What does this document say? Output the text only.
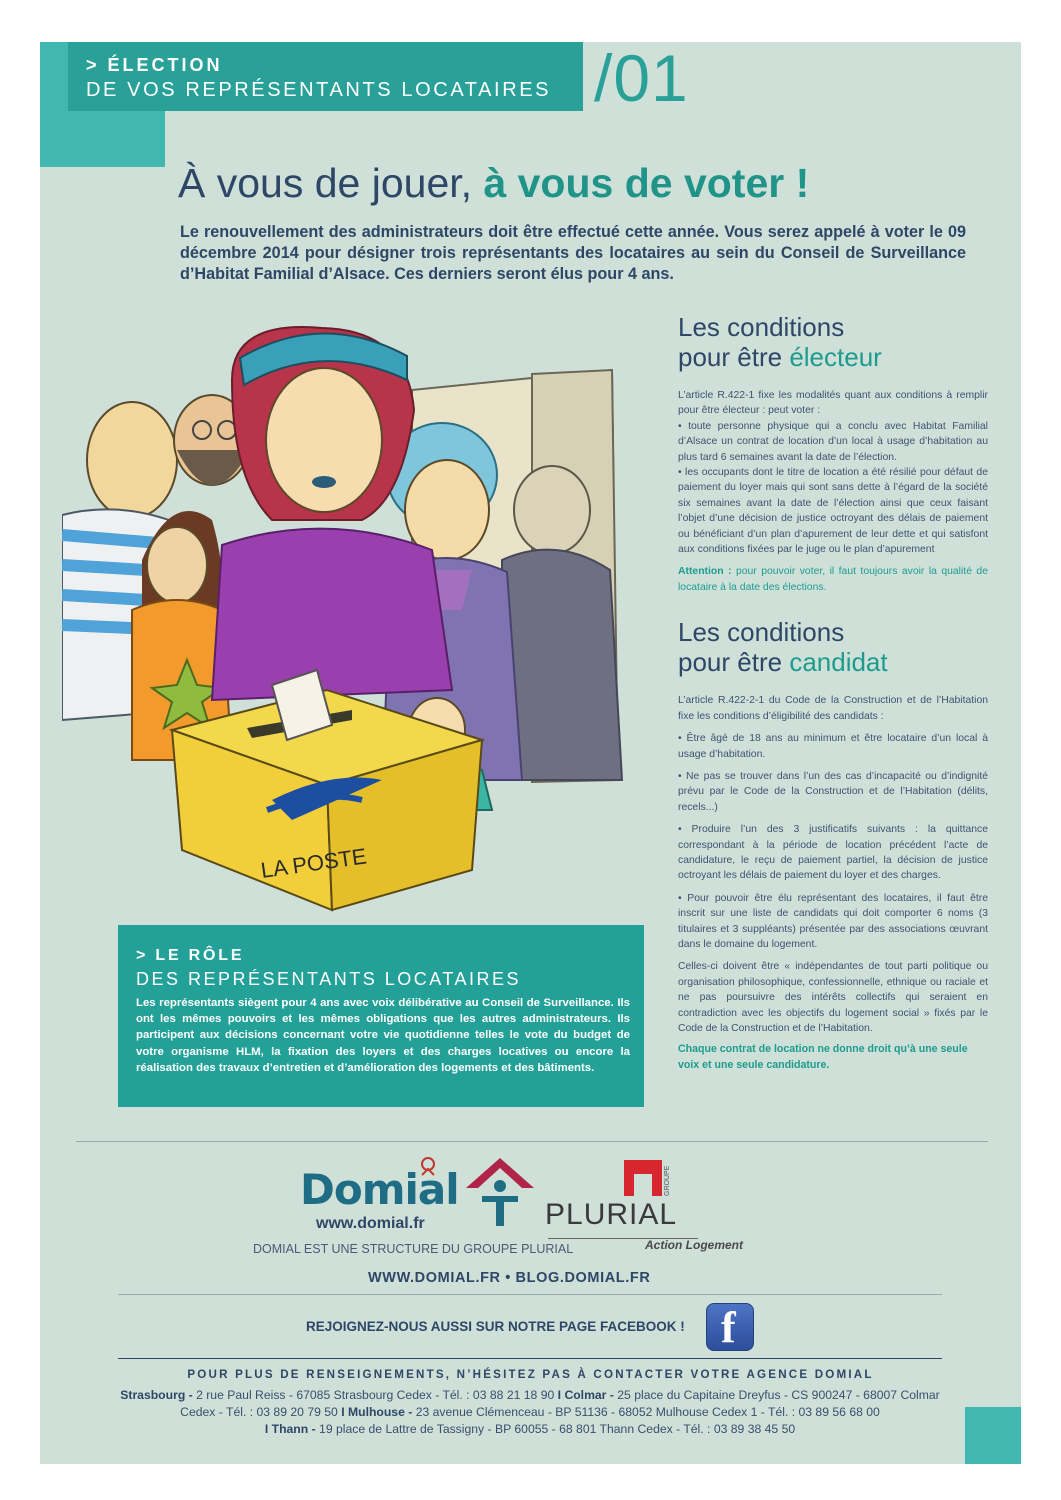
> ÉLECTION
DE VOS REPRÉSENTANTS LOCATAIRES /01
À vous de jouer, à vous de voter !
Le renouvellement des administrateurs doit être effectué cette année. Vous serez appelé à voter le 09 décembre 2014 pour désigner trois représentants des locataires au sein du Conseil de Surveillance d’Habitat Familial d’Alsace. Ces derniers seront élus pour 4 ans.
LA POSTE
Les conditions
pour être électeur

L’article R.422-1 fixe les modalités quant aux conditions à remplir pour être électeur : peut voter :

• toute personne physique qui a conclu avec Habitat Familial d’Alsace un contrat de location d’un local à usage d’habitation au plus tard 6 semaines avant la date de l’élection.

• les occupants dont le titre de location a été résilié pour défaut de paiement du loyer mais qui sont sans dette à l’égard de la société six semaines avant la date de l’élection ainsi que ceux faisant l’objet d’une décision de justice octroyant des délais de paiement ou bénéficiant d’un plan d’apurement de leur dette et qui satisfont aux conditions fixées par le juge ou le plan d’apurement

Attention : pour pouvoir voter, il faut toujours avoir la qualité de locataire à la date des élections.

Les conditions
pour être candidat

L’article R.422-2-1 du Code de la Construction et de l’Habitation fixe les conditions d’éligibilité des candidats :

• Être âgé de 18 ans au minimum et être locataire d’un local à usage d’habitation.

• Ne pas se trouver dans l’un des cas d’incapacité ou d’indignité prévu par le Code de la Construction et de l’Habitation (délits, recels...)

• Produire l’un des 3 justificatifs suivants : la quittance correspondant à la période de location précédent l’acte de candidature, le reçu de paiement partiel, la décision de justice octroyant les délais de paiement du loyer et des charges.

• Pour pouvoir être élu représentant des locataires, il faut être inscrit sur une liste de candidats qui doit comporter 6 noms (3 titulaires et 3 suppléants) présentée par des associations œuvrant dans le domaine du logement.

Celles-ci doivent être « indépendantes de tout parti politique ou organisation philosophique, confessionnelle, ethnique ou raciale et ne pas poursuivre des intérêts collectifs qui seraient en contradiction avec les objectifs du logement social » fixés par le Code de la Construction et de l’Habitation.

Chaque contrat de location ne donne droit qu’à une seule voix et une seule candidature.

> LE RÔLE
DES REPRÉSENTANTS LOCATAIRES
Les représentants siègent pour 4 ans avec voix délibérative au Conseil de Surveillance. Ils ont les mêmes pouvoirs et les mêmes obligations que les autres administrateurs. Ils participent aux décisions concernant votre vie quotidienne telles le vote du budget de votre organisme HLM, la fixation des loyers et des charges locatives ou encore la réalisation des travaux d’entretien et d’amélioration des logements et des bâtiments.
Domial
www.domial.fr
DOMIAL EST UNE STRUCTURE DU GROUPE PLURIAL
GROUPE
PLURIAL
Action Logement
WWW.DOMIAL.FR • BLOG.DOMIAL.FR
REJOIGNEZ-NOUS AUSSI SUR NOTRE PAGE FACEBOOK ! f
POUR PLUS DE RENSEIGNEMENTS, N’HÉSITEZ PAS À CONTACTER VOTRE AGENCE DOMIAL
Strasbourg - 2 rue Paul Reiss - 67085 Strasbourg Cedex - Tél. : 03 88 21 18 90 I Colmar - 25 place du Capitaine Dreyfus - CS 900247 - 68007 Colmar Cedex - Tél. : 03 89 20 79 50 I Mulhouse - 23 avenue Clémenceau - BP 51136 - 68052 Mulhouse Cedex 1 - Tél. : 03 89 56 68 00
I Thann - 19 place de Lattre de Tassigny - BP 60055 - 68 801 Thann Cedex - Tél. : 03 89 38 45 50
